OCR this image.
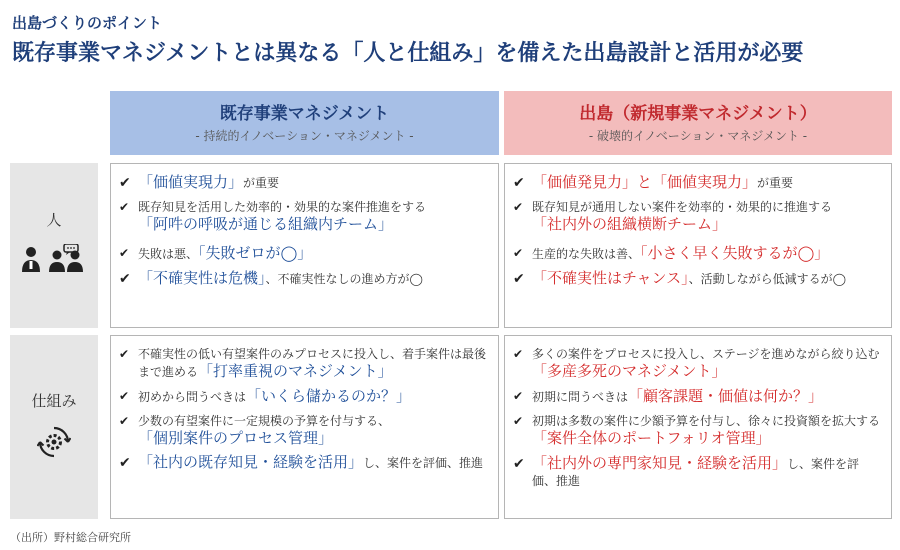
出島づくりのポイント
既存事業マネジメントとは異なる「人と仕組み」を備えた出島設計と活用が必要
既存事業マネジメント
- 持続的イノベーション・マネジメント -
出島（新規事業マネジメント）
- 破壊的イノベーション・マネジメント -
人
仕組み
✔ 「価値実現力」が重要
✔ 既存知見を活用した効率的・効果的な案件推進をする
「阿吽の呼吸が通じる組織内チーム」
✔ 失敗は悪、「失敗ゼロが◯」
✔ 「不確実性は危機」、不確実性なしの進め方が◯
✔ 「価値発見力」と「価値実現力」が重要
✔ 既存知見が通用しない案件を効率的・効果的に推進する
「社内外の組織横断チーム」
✔ 生産的な失敗は善、「小さく早く失敗するが◯」
✔ 「不確実性はチャンス」、活動しながら低減するが◯
✔ 不確実性の低い有望案件のみプロセスに投入し、着手案件は最後まで進める「打率重視のマネジメント」
✔ 初めから問うべきは「いくら儲かるのか？」
✔ 少数の有望案件に一定規模の予算を付与する、
「個別案件のプロセス管理」
✔ 「社内の既存知見・経験を活用」し、案件を評価、推進
✔ 多くの案件をプロセスに投入し、ステージを進めながら絞り込む「多産多死のマネジメント」
✔ 初期に問うべきは「顧客課題・価値は何か？」
✔ 初期は多数の案件に少額予算を付与し、徐々に投資額を拡大する「案件全体のポートフォリオ管理」
✔ 「社内外の専門家知見・経験を活用」し、案件を評価、推進
（出所）野村総合研究所
